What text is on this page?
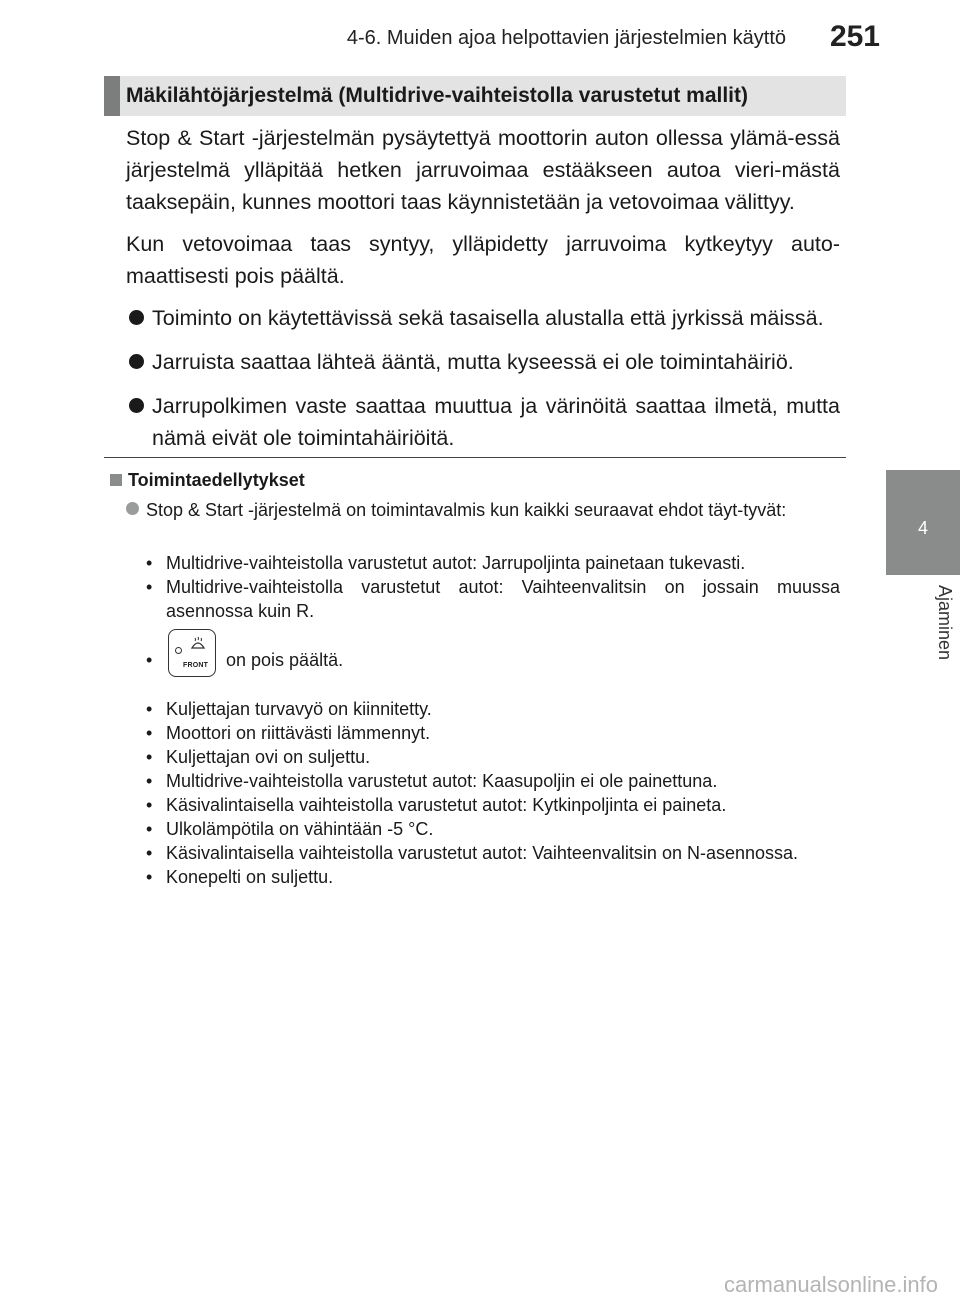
4-6. Muiden ajoa helpottavien järjestelmien käyttö	251
4
Ajaminen
Mäkilähtöjärjestelmä (Multidrive-vaihteistolla varustetut mallit)

Stop & Start -järjestelmän pysäytettyä moottorin auton ollessa ylämä-essä järjestelmä ylläpitää hetken jarruvoimaa estääkseen autoa vieri-mästä taaksepäin, kunnes moottori taas käynnistetään ja vetovoimaa välittyy.

Kun vetovoimaa taas syntyy, ylläpidetty jarruvoima kytkeytyy auto-maattisesti pois päältä.

Toiminto on käytettävissä sekä tasaisella alustalla että jyrkissä mäissä.
Jarruista saattaa lähteä ääntä, mutta kyseessä ei ole toimintahäiriö.
Jarrupolkimen vaste saattaa muuttua ja värinöitä saattaa ilmetä, mutta nämä eivät ole toimintahäiriöitä.
Toimintaedellytykset
Stop & Start -järjestelmä on toimintavalmis kun kaikki seuraavat ehdot täyt-tyvät:
• Multidrive-vaihteistolla varustetut autot: Jarrupoljinta painetaan tukevasti.
• Multidrive-vaihteistolla varustetut autot: Vaihteenvalitsin on jossain muussa asennossa kuin R.
•	FRONT on pois päältä.
• Kuljettajan turvavyö on kiinnitetty.
• Moottori on riittävästi lämmennyt.
• Kuljettajan ovi on suljettu.
• Multidrive-vaihteistolla varustetut autot: Kaasupoljin ei ole painettuna.
• Käsivalintaisella vaihteistolla varustetut autot: Kytkinpoljinta ei paineta.
• Ulkolämpötila on vähintään -5 °C.
• Käsivalintaisella vaihteistolla varustetut autot: Vaihteenvalitsin on N-asennossa.
• Konepelti on suljettu.
carmanualsonline.info
